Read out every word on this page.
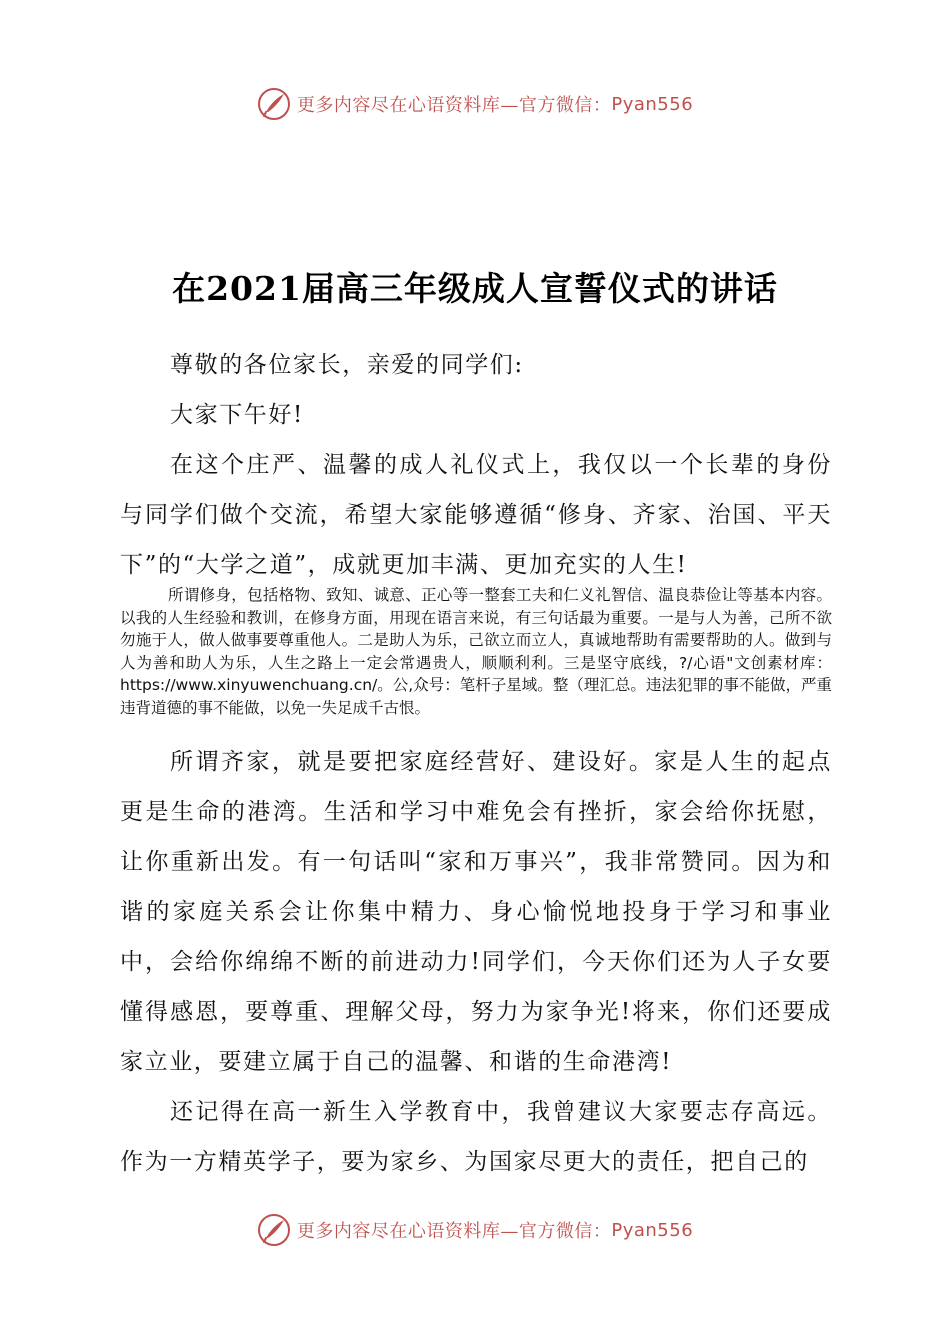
更多内容尽在心语资料库—官方微信： Pyan556
在2021届高三年级成人宣誓仪式的讲话

尊敬的各位家长，亲爱的同学们:

大家下午好!

在这个庄严、温馨的成人礼仪式上，我仅以一个长辈的身份与同学们做个交流，希望大家能够遵循“修身、齐家、治国、平天下”的“大学之道”，成就更加丰满、更加充实的人生!

所谓修身，包括格物、致知、诚意、正心等一整套工夫和仁义礼智信、温良恭俭让等基本内容。以我的人生经验和教训，在修身方面，用现在语言来说，有三句话最为重要。一是与人为善，己所不欲勿施于人，做人做事要尊重他人。二是助人为乐，己欲立而立人，真诚地帮助有需要帮助的人。做到与人为善和助人为乐，人生之路上一定会常遇贵人，顺顺利利。三是坚守底线，?/心语"文创素材库：https://www.xinyuwenchuang.cn/。公,众号：笔杆子星域。整（理汇总。违法犯罪的事不能做，严重违背道德的事不能做，以免一失足成千古恨。

所谓齐家，就是要把家庭经营好、建设好。家是人生的起点更是生命的港湾。生活和学习中难免会有挫折，家会给你抚慰，让你重新出发。有一句话叫“家和万事兴”，我非常赞同。因为和谐的家庭关系会让你集中精力、身心愉悦地投身于学习和事业中，会给你绵绵不断的前进动力!同学们，今天你们还为人子女要懂得感恩，要尊重、理解父母，努力为家争光!将来，你们还要成家立业，要建立属于自己的温馨、和谐的生命港湾!

还记得在高一新生入学教育中，我曾建议大家要志存高远。作为一方精英学子，要为家乡、为国家尽更大的责任，把自己的

更多内容尽在心语资料库—官方微信： Pyan556
